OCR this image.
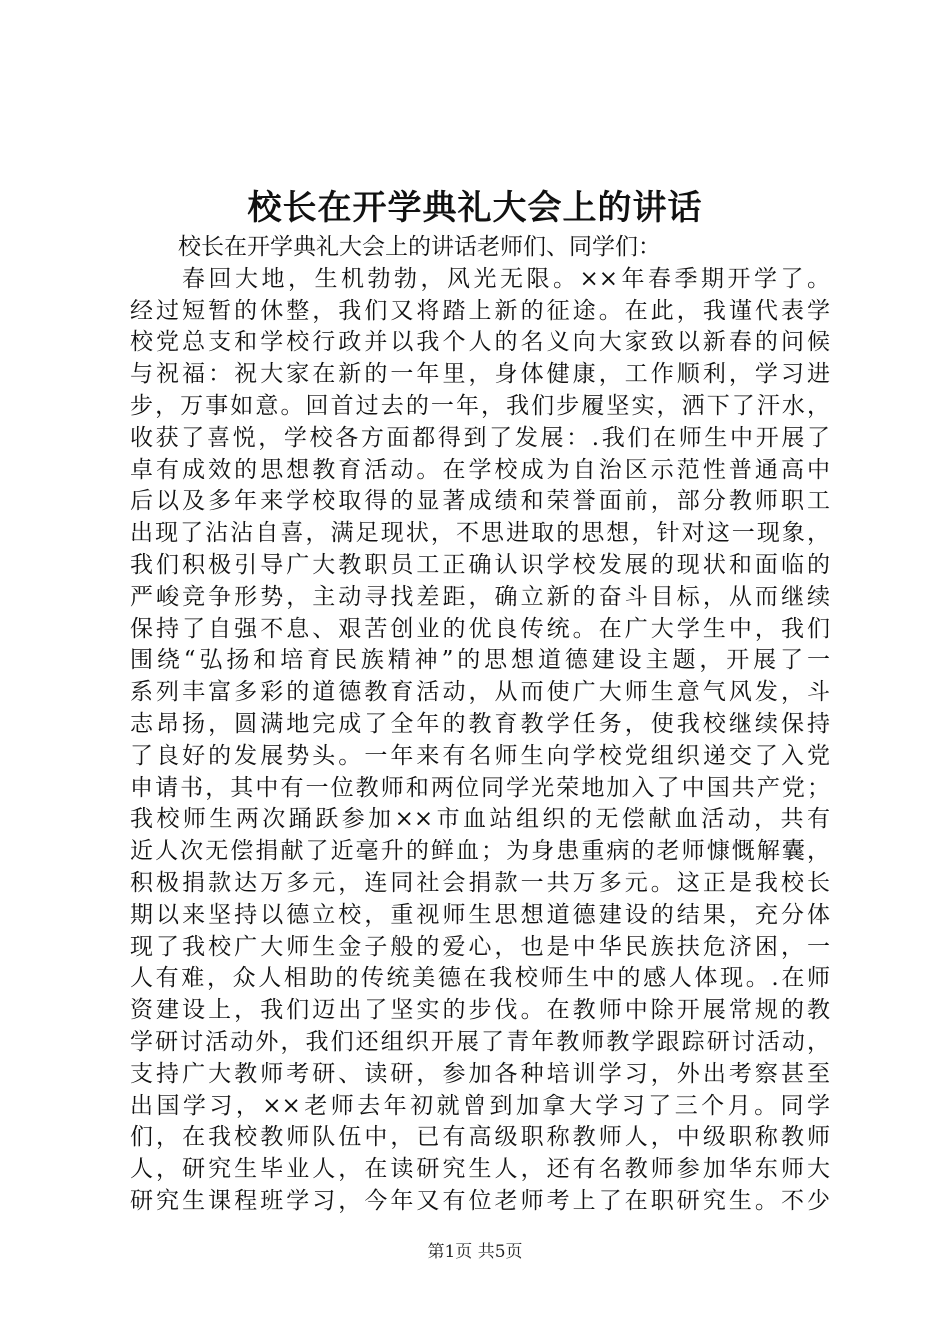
校长在开学典礼大会上的讲话
校长在开学典礼大会上的讲话老师们、同学们：
春回大地，生机勃勃，风光无限。××年春季期开学了。
经过短暂的休整，我们又将踏上新的征途。在此，我谨代表学
校党总支和学校行政并以我个人的名义向大家致以新春的问候
与祝福：祝大家在新的一年里，身体健康，工作顺利，学习进
步，万事如意。回首过去的一年，我们步履坚实，洒下了汗水，
收获了喜悦，学校各方面都得到了发展：.我们在师生中开展了
卓有成效的思想教育活动。在学校成为自治区示范性普通高中
后以及多年来学校取得的显著成绩和荣誉面前，部分教师职工
出现了沾沾自喜，满足现状，不思进取的思想，针对这一现象，
我们积极引导广大教职员工正确认识学校发展的现状和面临的
严峻竞争形势，主动寻找差距，确立新的奋斗目标，从而继续
保持了自强不息、艰苦创业的优良传统。在广大学生中，我们
围绕“弘扬和培育民族精神”的思想道德建设主题，开展了一
系列丰富多彩的道德教育活动，从而使广大师生意气风发，斗
志昂扬，圆满地完成了全年的教育教学任务，使我校继续保持
了良好的发展势头。一年来有名师生向学校党组织递交了入党
申请书，其中有一位教师和两位同学光荣地加入了中国共产党；
我校师生两次踊跃参加××市血站组织的无偿献血活动，共有
近人次无偿捐献了近毫升的鲜血；为身患重病的老师慷慨解囊，
积极捐款达万多元，连同社会捐款一共万多元。这正是我校长
期以来坚持以德立校，重视师生思想道德建设的结果，充分体
现了我校广大师生金子般的爱心，也是中华民族扶危济困，一
人有难，众人相助的传统美德在我校师生中的感人体现。.在师
资建设上，我们迈出了坚实的步伐。在教师中除开展常规的教
学研讨活动外，我们还组织开展了青年教师教学跟踪研讨活动，
支持广大教师考研、读研，参加各种培训学习，外出考察甚至
出国学习，××老师去年初就曾到加拿大学习了三个月。同学
们，在我校教师队伍中，已有高级职称教师人，中级职称教师
人，研究生毕业人，在读研究生人，还有名教师参加华东师大
研究生课程班学习，今年又有位老师考上了在职研究生。不少
第1页 共5页
